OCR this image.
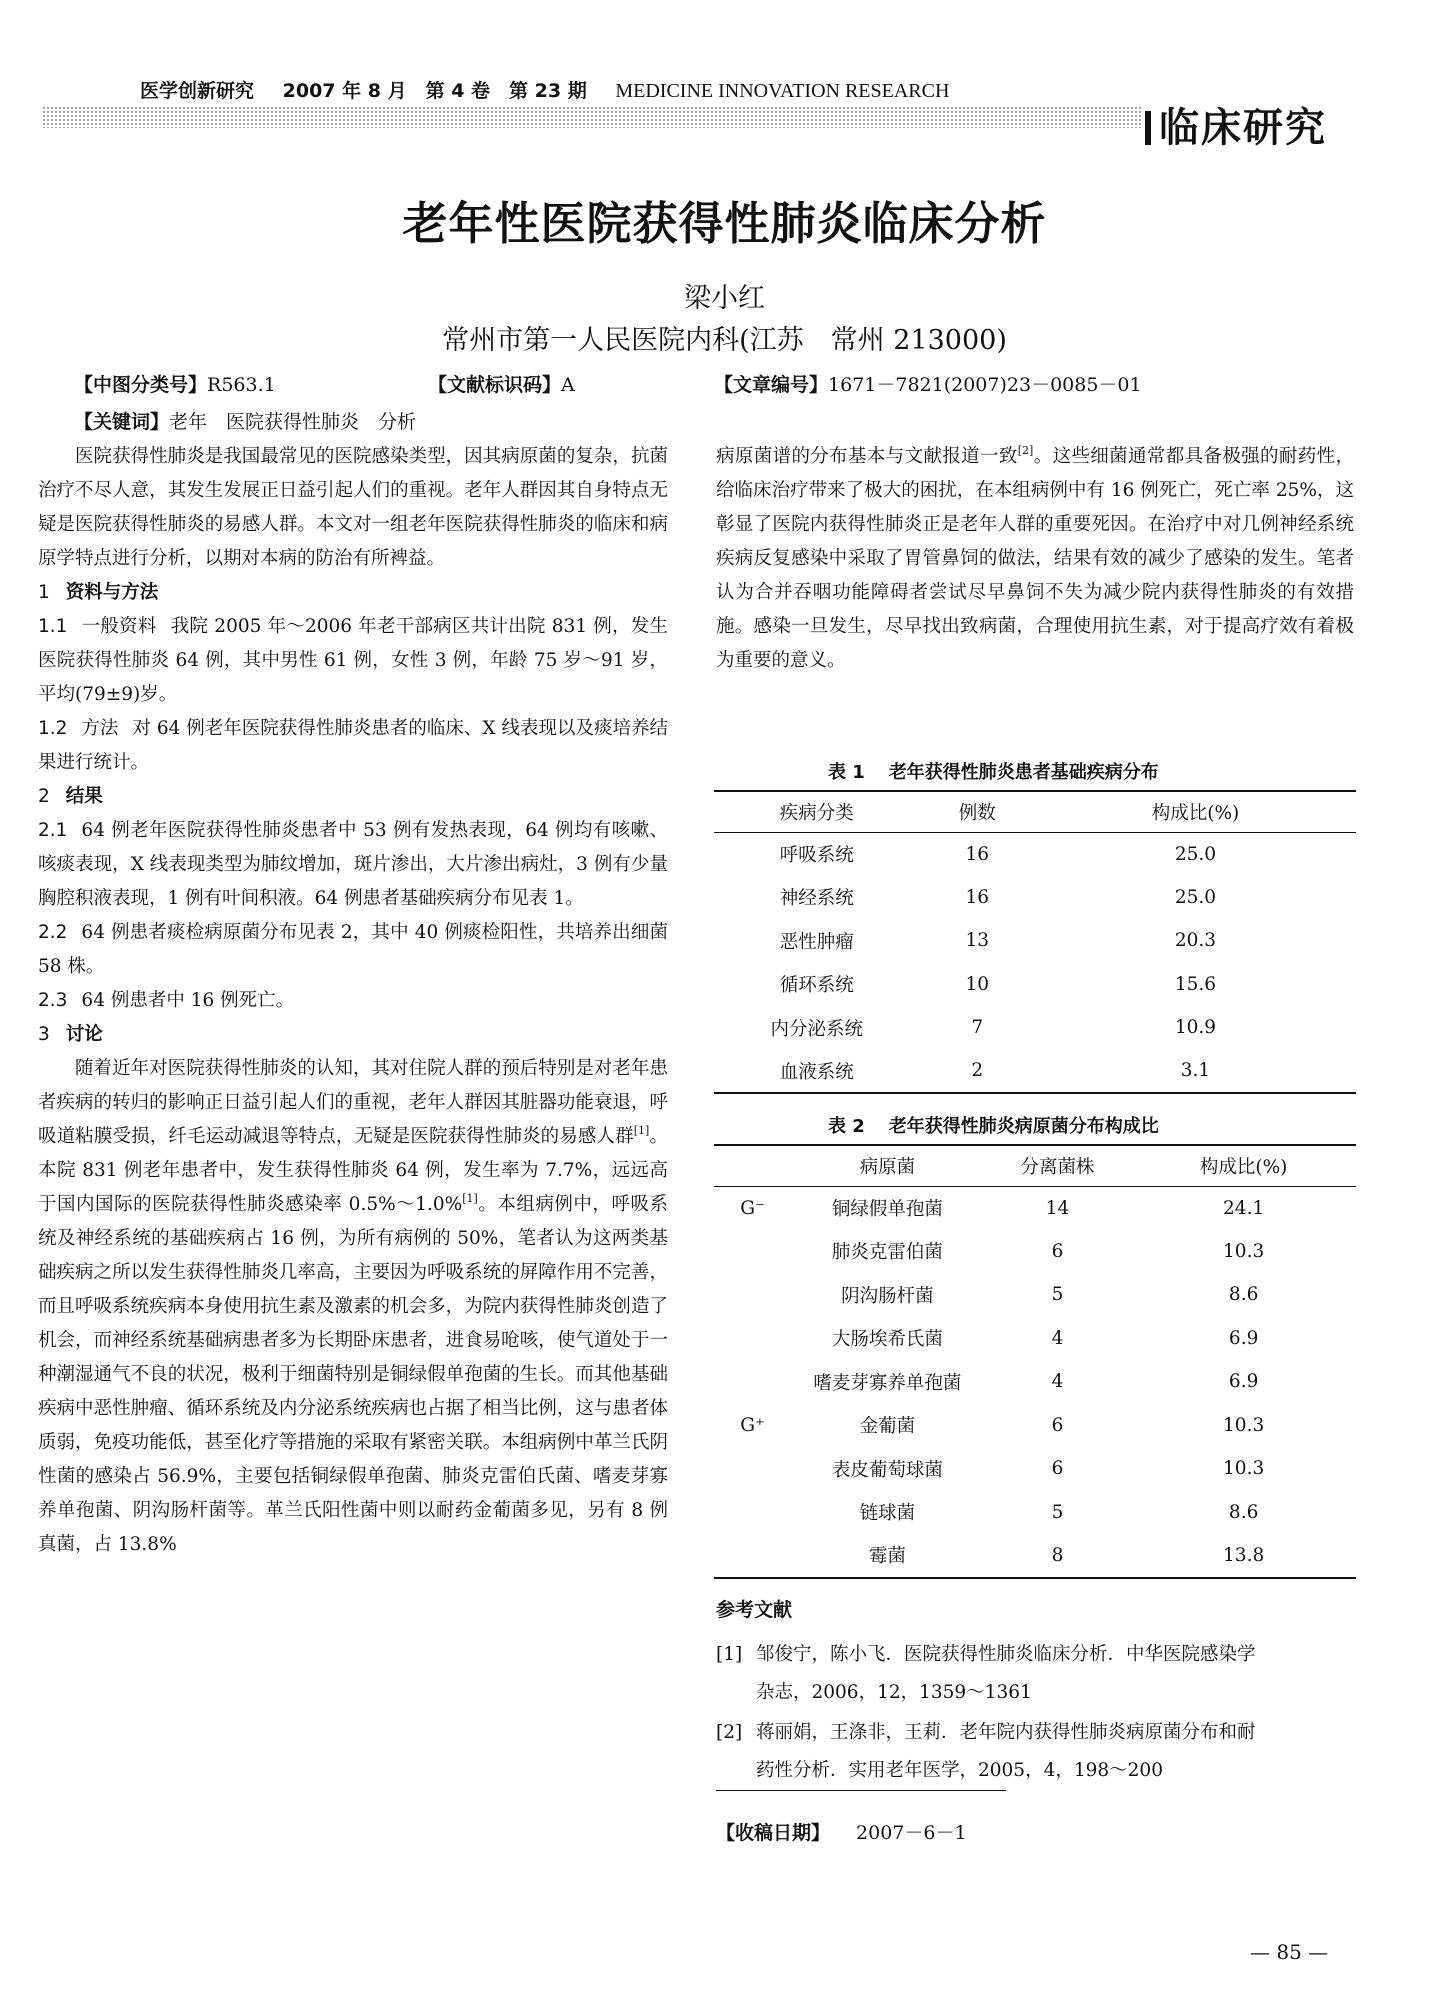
医学创新研究 2007 年 8 月　第 4 卷　第 23 期 MEDICINE INNOVATION RESEARCH
临床研究
老年性医院获得性肺炎临床分析
梁小红
常州市第一人民医院内科(江苏　常州 213000)
【中图分类号】R563.1	【文献标识码】A	【文章编号】1671－7821(2007)23－0085－01
【关键词】老年　医院获得性肺炎　分析

医院获得性肺炎是我国最常见的医院感染类型，因其病原菌的复杂，抗菌治疗不尽人意，其发生发展正日益引起人们的重视。老年人群因其自身特点无疑是医院获得性肺炎的易感人群。本文对一组老年医院获得性肺炎的临床和病原学特点进行分析，以期对本病的防治有所裨益。

1 资料与方法

1.1 一般资料 我院 2005 年～2006 年老干部病区共计出院 831 例，发生医院获得性肺炎 64 例，其中男性 61 例，女性 3 例，年龄 75 岁～91 岁，平均(79±9)岁。

1.2 方法 对 64 例老年医院获得性肺炎患者的临床、X 线表现以及痰培养结果进行统计。

2 结果

2.1 64 例老年医院获得性肺炎患者中 53 例有发热表现，64 例均有咳嗽、咳痰表现，X 线表现类型为肺纹增加，斑片渗出，大片渗出病灶，3 例有少量胸腔积液表现，1 例有叶间积液。64 例患者基础疾病分布见表 1。

2.2 64 例患者痰检病原菌分布见表 2，其中 40 例痰检阳性，共培养出细菌 58 株。

2.3 64 例患者中 16 例死亡。

3 讨论

随着近年对医院获得性肺炎的认知，其对住院人群的预后特别是对老年患者疾病的转归的影响正日益引起人们的重视，老年人群因其脏器功能衰退，呼吸道粘膜受损，纤毛运动减退等特点，无疑是医院获得性肺炎的易感人群[1]。本院 831 例老年患者中，发生获得性肺炎 64 例，发生率为 7.7%，远远高于国内国际的医院获得性肺炎感染率 0.5%～1.0%[1]。本组病例中，呼吸系统及神经系统的基础疾病占 16 例，为所有病例的 50%，笔者认为这两类基础疾病之所以发生获得性肺炎几率高，主要因为呼吸系统的屏障作用不完善，而且呼吸系统疾病本身使用抗生素及激素的机会多，为院内获得性肺炎创造了机会，而神经系统基础病患者多为长期卧床患者，进食易呛咳，使气道处于一种潮湿通气不良的状况，极利于细菌特别是铜绿假单孢菌的生长。而其他基础疾病中恶性肿瘤、循环系统及内分泌系统疾病也占据了相当比例，这与患者体质弱，免疫功能低，甚至化疗等措施的采取有紧密关联。本组病例中革兰氏阴性菌的感染占 56.9%，主要包括铜绿假单孢菌、肺炎克雷伯氏菌、嗜麦芽寡养单孢菌、阴沟肠杆菌等。革兰氏阳性菌中则以耐药金葡菌多见，另有 8 例真菌，占 13.8%

病原菌谱的分布基本与文献报道一致[2]。这些细菌通常都具备极强的耐药性，给临床治疗带来了极大的困扰，在本组病例中有 16 例死亡，死亡率 25%，这彰显了医院内获得性肺炎正是老年人群的重要死因。在治疗中对几例神经系统疾病反复感染中采取了胃管鼻饲的做法，结果有效的减少了感染的发生。笔者认为合并吞咽功能障碍者尝试尽早鼻饲不失为减少院内获得性肺炎的有效措施。感染一旦发生，尽早找出致病菌，合理使用抗生素，对于提高疗效有着极为重要的意义。

表 1 老年获得性肺炎患者基础疾病分布
疾病分类	例数	构成比(%)
呼吸系统	16	25.0
神经系统	16	25.0
恶性肿瘤	13	20.3
循环系统	10	15.6
内分泌系统	7	10.9
血液系统	2	3.1
表 2 老年获得性肺炎病原菌分布构成比
	病原菌	分离菌株	构成比(%)
G⁻	铜绿假单孢菌	14	24.1
	肺炎克雷伯菌	6	10.3
	阴沟肠杆菌	5	8.6
	大肠埃希氏菌	4	6.9
	嗜麦芽寡养单孢菌	4	6.9
G⁺	金葡菌	6	10.3
	表皮葡萄球菌	6	10.3
	链球菌	5	8.6
	霉菌	8	13.8
参考文献
[1] 邹俊宁，陈小飞．医院获得性肺炎临床分析．中华医院感染学
杂志，2006，12，1359～1361
[2] 蒋丽娟，王涤非，王莉．老年院内获得性肺炎病原菌分布和耐
药性分析．实用老年医学，2005，4，198～200
【收稿日期】 2007－6－1
— 85 —
